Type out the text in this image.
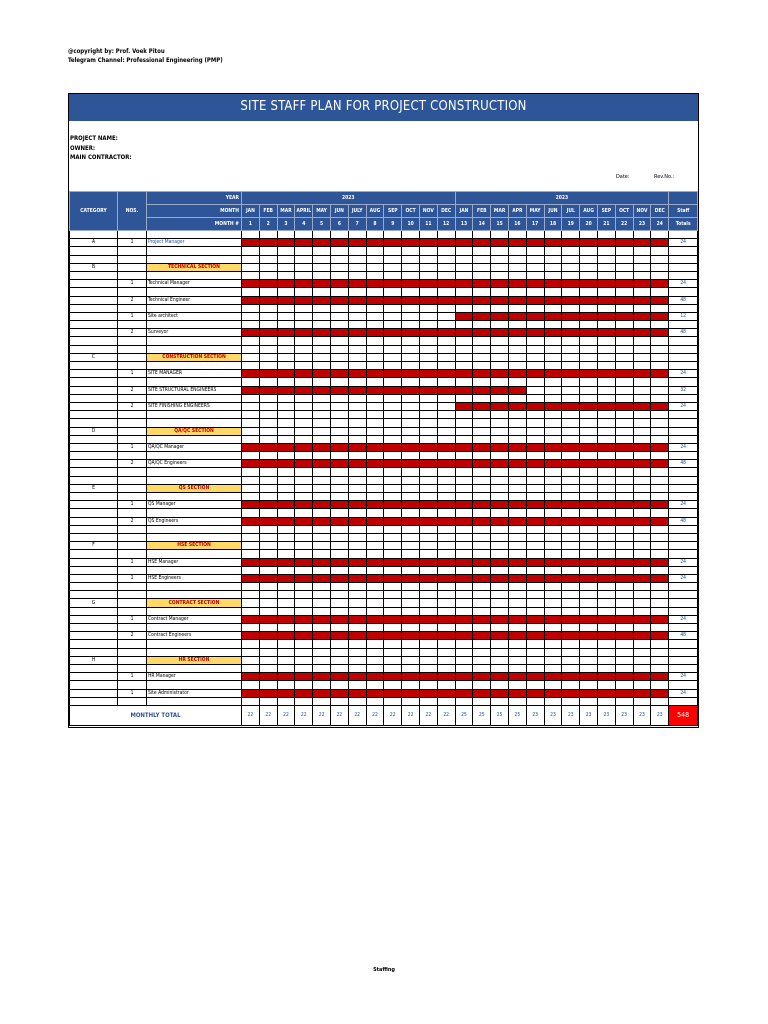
@copyright by: Prof. Voek Pitou
Telegram Channel: Professional Engineering (PMP)
SITE STAFF PLAN FOR PROJECT CONSTRUCTION
PROJECT NAME:
OWNER:
MAIN CONTRACTOR:
Date:	Rev.No.:
CATEGORY	NOS.	YEAR	2023												2023												
		MONTH	JAN	FEB	MAR	APRIL	MAY	JUN	JULY	AUG	SEP	OCT	NOV	DEC	JAN	FEB	MAR	APR	MAY	JUN	JUL	AUG	SEP	OCT	NOV	DEC	Staff
		MONTH #	1	2	3	4	5	6	7	8	9	10	11	12	13	14	15	16	17	18	19	20	21	22	23	24	Totals

A	1	Project Manager																									24

B		TECHNICAL SECTION																									

	1	Technical Manager																									24

	2	Technical Engineer																									48

	1	Site architect																									12

	2	Surveyor																									48

C		CONSTRUCTION SECTION																									

	1	SITE MANAGER																									24

	2	SITE STRUCTURAL ENGINEERS																									32

	2	SITE FINISHING ENGINEERS																									24

D		QA/QC SECTION																									

	1	QA/QC Manager																									24

	2	QA/QC Engineers																									48

E		QS SECTION																									

	1	QS Manager																									24

	2	QS Engineers																									48

F		HSE SECTION																									

	1	HSE Manager																									24

	1	HSE Engineers																									24

G		CONTRACT SECTION																									

	1	Contract Manager																									24

	2	Contract Engineers																									48

H		HR SECTION																									

	1	HR Manager																									24

	1	Site Administrator																									24

MONTHLY TOTAL			22	22	22	22	22	22	22	22	22	22	22	22	25	25	25	25	23	23	23	23	23	23	23	23	548
Staffing
